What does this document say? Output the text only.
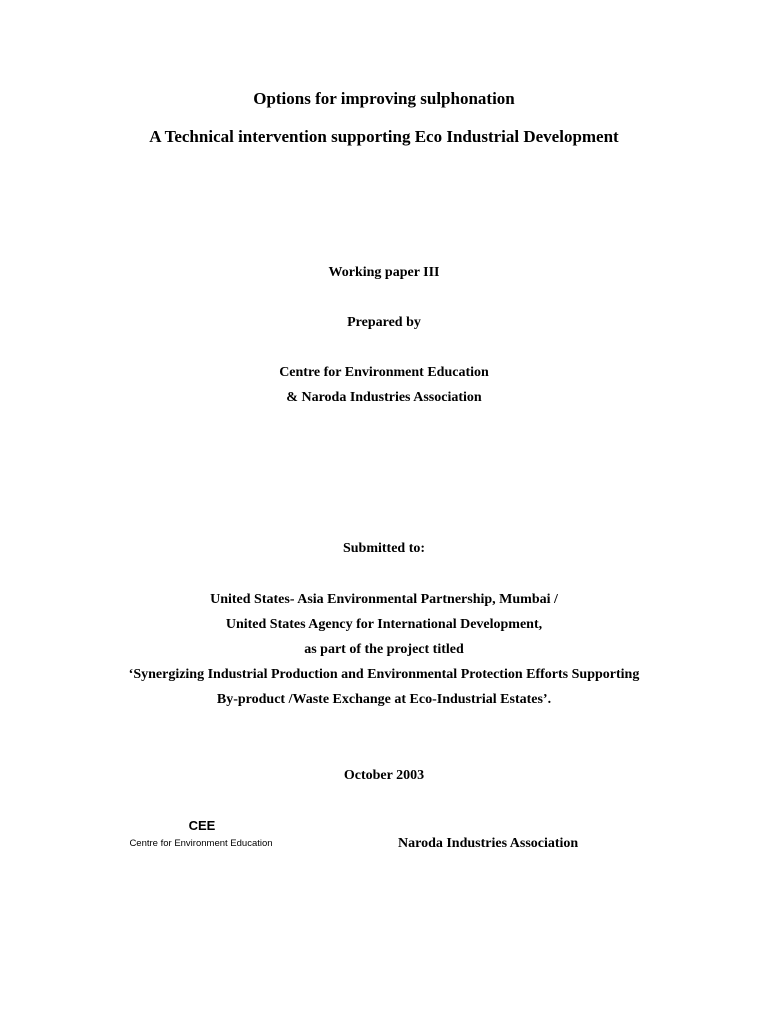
Options for improving sulphonation
A Technical intervention supporting Eco Industrial Development
Working paper III
Prepared by
Centre for Environment Education
& Naroda Industries Association
Submitted to:
United States- Asia Environmental Partnership, Mumbai /
United States Agency for International Development,
as part of the project titled
‘Synergizing Industrial Production and Environmental Protection Efforts Supporting
By-product /Waste Exchange at Eco-Industrial Estates’.
October 2003
CEE
Centre for Environment Education	Naroda Industries Association
